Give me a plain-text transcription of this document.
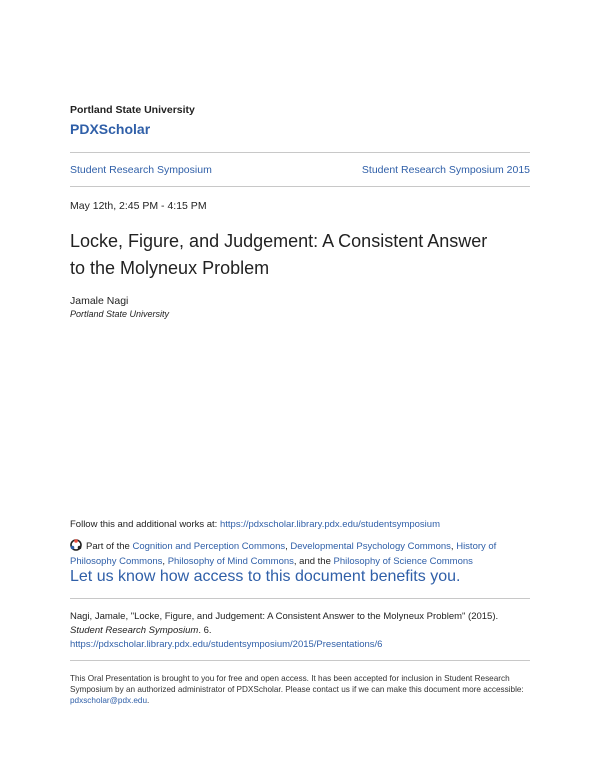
Portland State University
PDXScholar
Student Research Symposium	Student Research Symposium 2015
May 12th, 2:45 PM - 4:15 PM
Locke, Figure, and Judgement: A Consistent Answer
to the Molyneux Problem
Jamale Nagi
Portland State University
Follow this and additional works at: https://pdxscholar.library.pdx.edu/studentsymposium
Part of the Cognition and Perception Commons, Developmental Psychology Commons, History of Philosophy Commons, Philosophy of Mind Commons, and the Philosophy of Science Commons
Let us know how access to this document benefits you.
Nagi, Jamale, "Locke, Figure, and Judgement: A Consistent Answer to the Molyneux Problem" (2015).
Student Research Symposium. 6.
https://pdxscholar.library.pdx.edu/studentsymposium/2015/Presentations/6
This Oral Presentation is brought to you for free and open access. It has been accepted for inclusion in Student Research Symposium by an authorized administrator of PDXScholar. Please contact us if we can make this document more accessible: pdxscholar@pdx.edu.
